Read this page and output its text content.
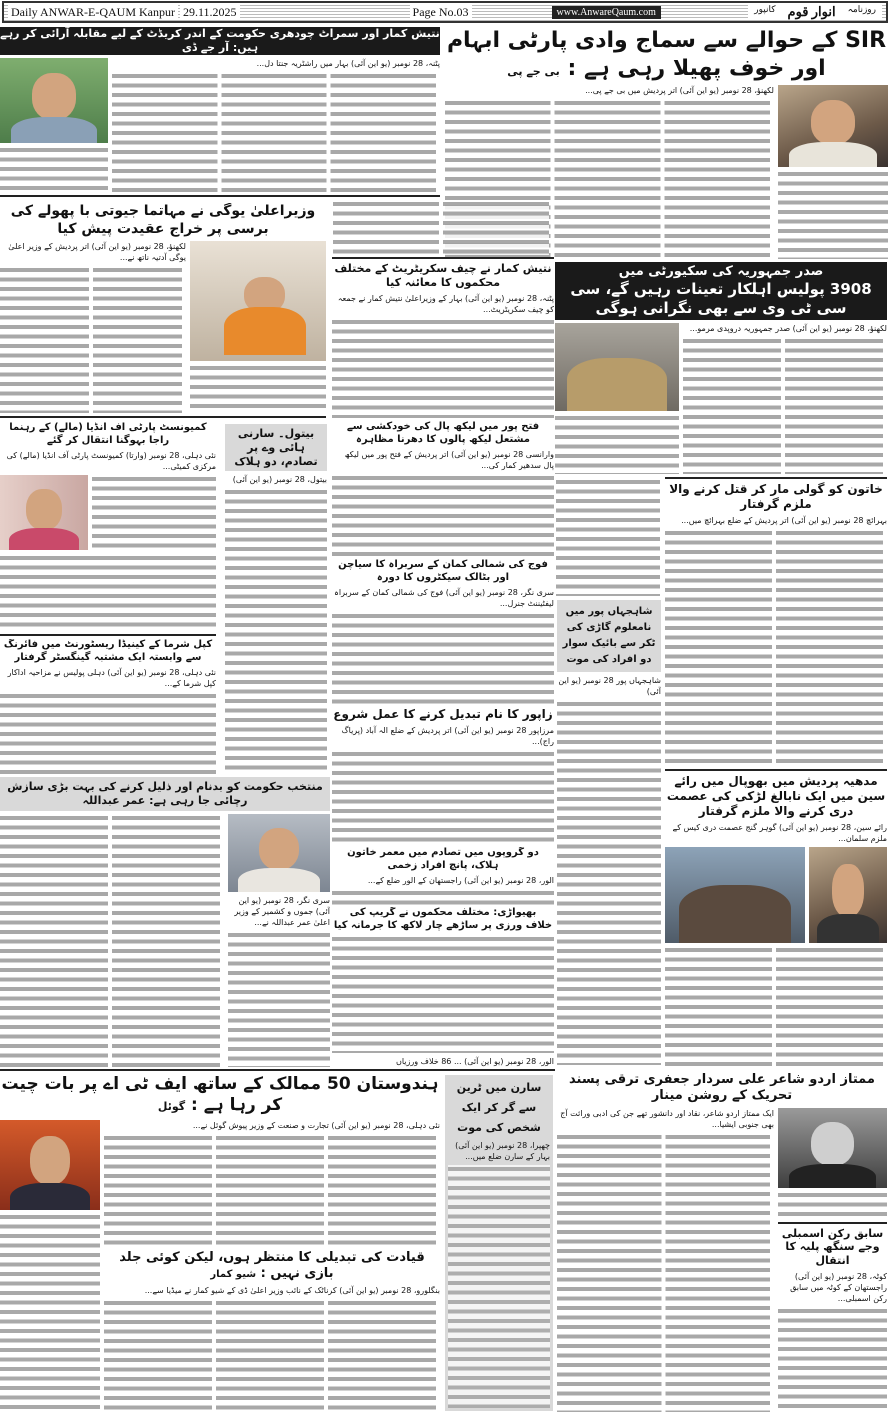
Daily ANWAR-E-QAUM Kanpur 29.11.2025	Page No.03	www.AnwareQaum.com	روزنامہ
انوار قوم
کانپور
نتیش کمار اور سمراٹ چودھری حکومت کے اندر کریڈٹ کے لیے مقابلہ آرائی کر رہے ہیں: آر جے ڈی
پٹنہ، 28 نومبر (یو این آئی) بہار میں راشٹریہ جنتا دل...
SIR کے حوالے سے سماج وادی پارٹی ابہام اور خوف پھیلا رہی ہے : بی جے پی
لکھنؤ، 28 نومبر (یو این آئی) اتر پردیش میں بی جے پی...
وزیراعلیٰ یوگی نے مہاتما جیوتی با پھولے کی برسی پر خراج عقیدت پیش کیا
لکھنؤ، 28 نومبر (یو این آئی) اتر پردیش کے وزیر اعلیٰ یوگی آدتیہ ناتھ نے...
نتیش کمار نے چیف سکریٹریٹ کے مختلف محکموں کا معائنہ کیا
پٹنہ، 28 نومبر (یو این آئی) بہار کے وزیراعلیٰ نتیش کمار نے جمعہ کو چیف سکریٹریٹ...
صدر جمہوریہ کی سکیورٹی میں
3908 پولیس اہلکار تعینات رہیں گے، سی سی ٹی وی سے بھی نگرانی ہوگی
لکھنؤ، 28 نومبر (یو این آئی) صدر جمہوریہ دروپدی مرمو...
فتح پور میں لیکھ پال کی خودکشی سے مشتعل لیکھ پالوں کا دھرنا مظاہرہ
وارانسی 28 نومبر (یو این آئی) اتر پردیش کے فتح پور میں لیکھ پال سدھیر کمار کی...
کمیونسٹ پارٹی آف انڈیا (مالے) کے رہنما راجا بہوگنا انتقال کر گئے
نئی دہلی، 28 نومبر (وارتا) کمیونسٹ پارٹی آف انڈیا (مالے) کی مرکزی کمیٹی...
بیتول۔ سارنی ہائی وے پر تصادم، دو ہلاک
بیتول، 28 نومبر (یو این آئی)
خاتون کو گولی مار کر قتل کرنے والا ملزم گرفتار
بہرائچ 28 نومبر (یو این آئی) اتر پردیش کے ضلع بہرائچ میں...
فوج کی شمالی کمان کے سربراہ کا سیاچن اور بٹالک سیکٹروں کا دورہ
سری نگر، 28 نومبر (یو این آئی) فوج کی شمالی کمان کے سربراہ لیفٹیننٹ جنرل...
شاہجہاں پور میں نامعلوم گاڑی کی ٹکر سے بائیک سوار دو افراد کی موت
شاہجہاں پور 28 نومبر (یو این آئی)
کپل شرما کے کینیڈا ریسٹورنٹ میں فائرنگ سے وابستہ ایک مشتبہ گینگسٹر گرفتار
نئی دہلی، 28 نومبر (یو این آئی) دہلی پولیس نے مزاحیہ اداکار کپل شرما کے...
زاپور کا نام تبدیل کرنے کا عمل شروع
مرزاپور 28 نومبر (یو این آئی) اتر پردیش کے ضلع الہ آباد (پریاگ راج)...
منتخب حکومت کو بدنام اور ذلیل کرنے کی بہت بڑی سازش رچائی جا رہی ہے: عمر عبداللہ
سری نگر، 28 نومبر (یو این آئی) جموں و کشمیر کے وزیر اعلیٰ عمر عبداللہ نے...
مدھیہ پردیش میں بھوپال میں رائے سین میں ایک نابالغ لڑکی کی عصمت دری کرنے والا ملزم گرفتار
رائے سین، 28 نومبر (یو این آئی) گوہر گنج عصمت دری کیس کے ملزم سلمان...
دو گروپوں میں تصادم میں معمر خاتون ہلاک، پانچ افراد زخمی
الور، 28 نومبر (یو این آئی) راجستھان کے الور ضلع کے...
بھیواڑی: مختلف محکموں نے گریپ کی
خلاف ورزی پر ساڑھے چار لاکھ کا جرمانہ کیا
الور، 28 نومبر (یو این آئی) ... 86 خلاف ورزیاں
ہندوستان 50 ممالک کے ساتھ ایف ٹی اے پر بات چیت کر رہا ہے : گوئل
نئی دہلی، 28 نومبر (یو این آئی) تجارت و صنعت کے وزیر پیوش گوئل نے...
قیادت کی تبدیلی کا منتظر ہوں، لیکن کوئی جلد بازی نہیں : شیو کمار
بنگلورو، 28 نومبر (یو این آئی) کرناٹک کے نائب وزیر اعلیٰ ڈی کے شیو کمار نے میڈیا سے...
سارن میں ٹرین سے گر کر ایک شخص کی موت
چھپرا، 28 نومبر (یو این آئی) بہار کے سارن ضلع میں...
ممتاز اردو شاعر علی سردار جعفری ترقی پسند تحریک کے روشن مینار
ایک ممتاز اردو شاعر، نقاد اور دانشور تھے جن کی ادبی وراثت آج بھی جنوبی ایشیا...
سابق رکن اسمبلی وجے سنگھ پلیہ کا انتقال
کوٹہ، 28 نومبر (یو این آئی) راجستھان کے کوٹہ میں سابق رکن اسمبلی...
